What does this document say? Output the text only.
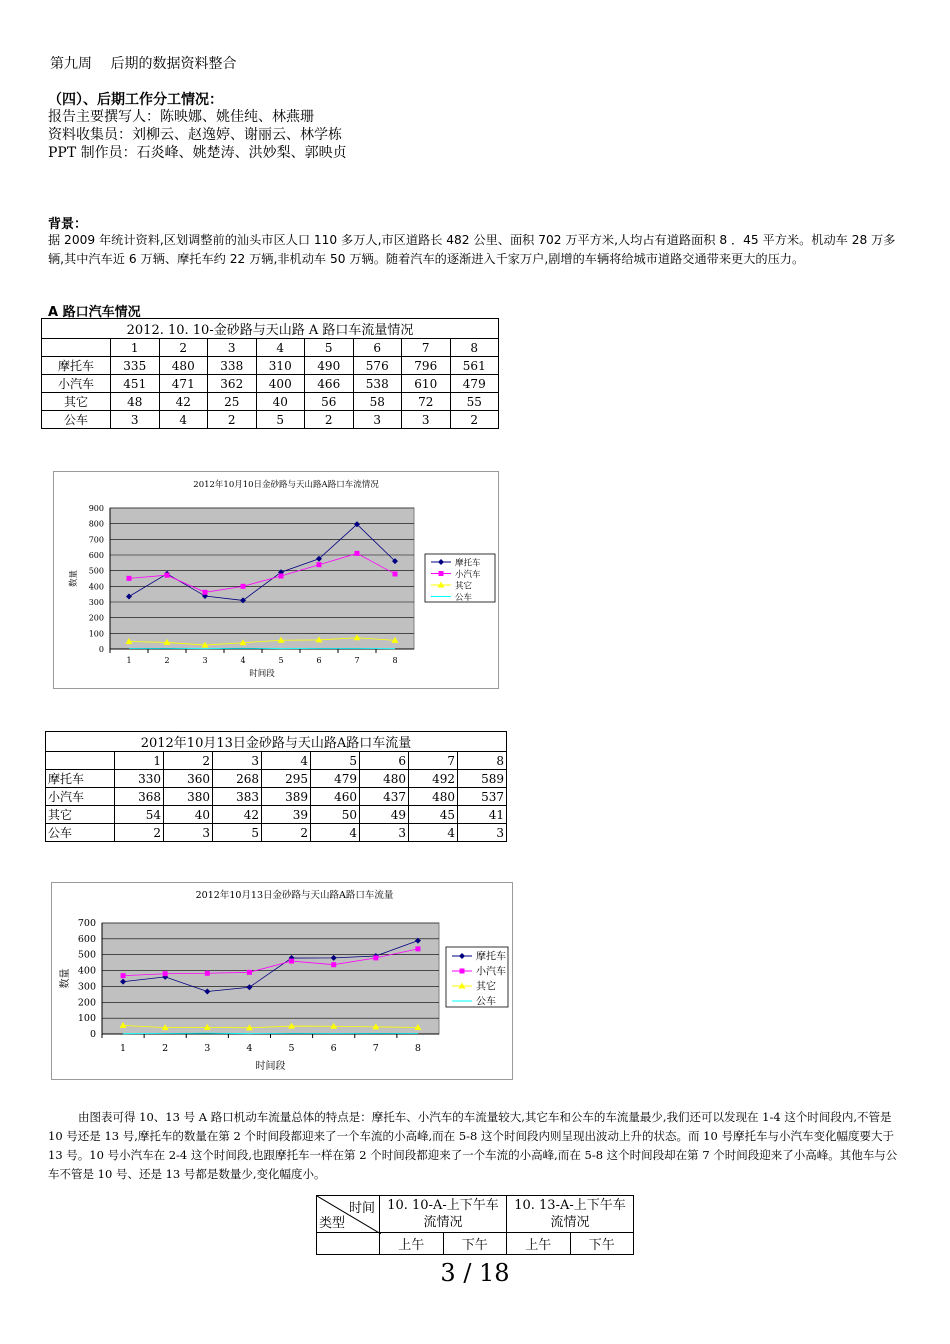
第九周　 后期的数据资料整合
（四）、后期工作分工情况：
报告主要撰写人：陈映娜、姚佳纯、林燕珊
资料收集员：刘柳云、赵逸婷、谢丽云、林学栋
PPT 制作员：石炎峰、姚楚涛、洪妙梨、郭映贞
背景：
据 2009 年统计资料,区划调整前的汕头市区人口 110 多万人,市区道路长 482 公里、面积 702 万平方米,人均占有道路面积 8 ．45 平方米。机动车 28 万多辆,其中汽车近 6 万辆、摩托车约 22 万辆,非机动车 50 万辆。随着汽车的逐渐进入千家万户,剧增的车辆将给城市道路交通带来更大的压力。
A 路口汽车情况
2012. 10. 10-金砂路与天山路 A 路口车流量情况								
	1	2	3	4	5	6	7	8
摩托车	335	480	338	310	490	576	796	561
小汽车	451	471	362	400	466	538	610	479
其它	48	42	25	40	56	58	72	55
公车	3	4	2	5	2	3	3	2
2012年10月10日金砂路与天山路A路口车流情况
0
100
200
300
400
500
600
700
800
900
1	2	3	4	5	6	7	8
时间段
数量
摩托车
小汽车
其它
公车
2012年10月13日金砂路与天山路A路口车流量								
	1	2	3	4	5	6	7	8
摩托车	330	360	268	295	479	480	492	589
小汽车	368	380	383	389	460	437	480	537
其它	54	40	42	39	50	49	45	41
公车	2	3	5	2	4	3	4	3
2012年10月13日金砂路与天山路A路口车流量
0
100
200
300
400
500
600
700
1	2	3	4	5	6	7	8
时间段
数量
摩托车
小汽车
其它
公车
由图表可得 10、13 号 A 路口机动车流量总体的特点是：摩托车、小汽车的车流量较大,其它车和公车的车流量最少,我们还可以发现在 1-4 这个时间段内,不管是 10 号还是 13 号,摩托车的数量在第 2 个时间段都迎来了一个车流的小高峰,而在 5-8 这个时间段内则呈现出波动上升的状态。而 10 号摩托车与小汽车变化幅度要大于 13 号。10 号小汽车在 2-4 这个时间段,也跟摩托车一样在第 2 个时间段都迎来了一个车流的小高峰,而在 5-8 这个时间段却在第 7 个时间段迎来了小高峰。其他车与公车不管是 10 号、还是 13 号都是数量少,变化幅度小。
时间
类型	10. 10-A-上下午车流情况		10. 13-A-上下午车流情况	

	上午	下午	上午	下午
3 / 18
